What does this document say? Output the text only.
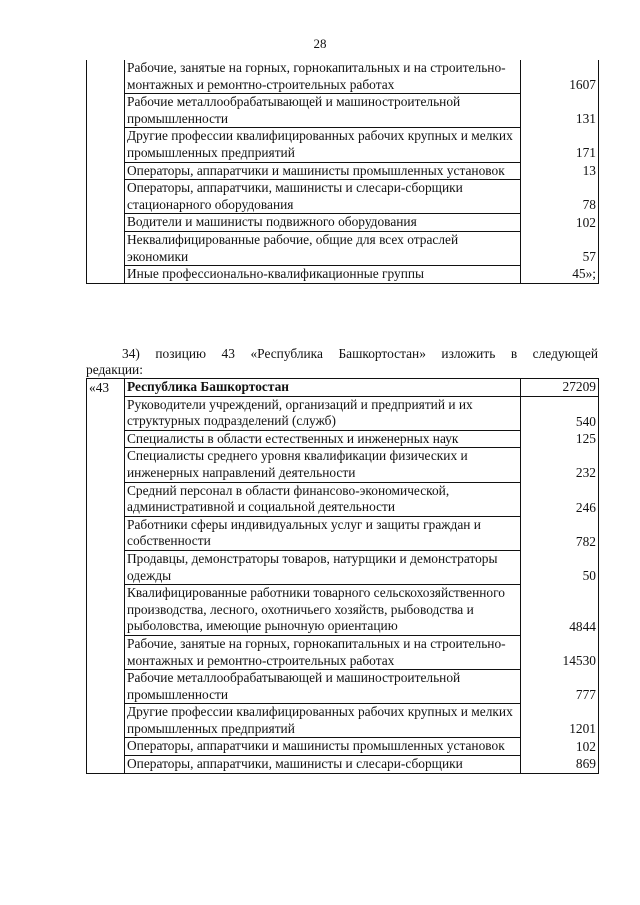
28
	Рабочие, занятые на горных, горнокапитальных и на строительно-монтажных и ремонтно-строительных работах	1607
	Рабочие металлообрабатывающей и машиностроительной промышленности	131
	Другие профессии квалифицированных рабочих крупных и мелких промышленных предприятий	171
	Операторы, аппаратчики и машинисты промышленных установок	13
	Операторы, аппаратчики, машинисты и слесари-сборщики стационарного оборудования	78
	Водители и машинисты подвижного оборудования	102
	Неквалифицированные рабочие, общие для всех отраслей экономики	57
	Иные профессионально-квалификационные группы	45»;
34) позицию 43 «Республика Башкортостан» изложить в следующей
редакции:
«43	Республика Башкортостан	27209
	Руководители учреждений, организаций и предприятий и их структурных подразделений (служб)	540
	Специалисты в области естественных и инженерных наук	125
	Специалисты среднего уровня квалификации физических и инженерных направлений деятельности	232
	Средний персонал в области финансово-экономической, административной и социальной деятельности	246
	Работники сферы индивидуальных услуг и защиты граждан и собственности	782
	Продавцы, демонстраторы товаров, натурщики и демонстраторы одежды	50
	Квалифицированные работники товарного сельскохозяйственного производства, лесного, охотничьего хозяйств, рыбоводства и рыболовства, имеющие рыночную ориентацию	4844
	Рабочие, занятые на горных, горнокапитальных и на строительно-монтажных и ремонтно-строительных работах	14530
	Рабочие металлообрабатывающей и машиностроительной промышленности	777
	Другие профессии квалифицированных рабочих крупных и мелких промышленных предприятий	1201
	Операторы, аппаратчики и машинисты промышленных установок	102
	Операторы, аппаратчики, машинисты и слесари-сборщики	869
